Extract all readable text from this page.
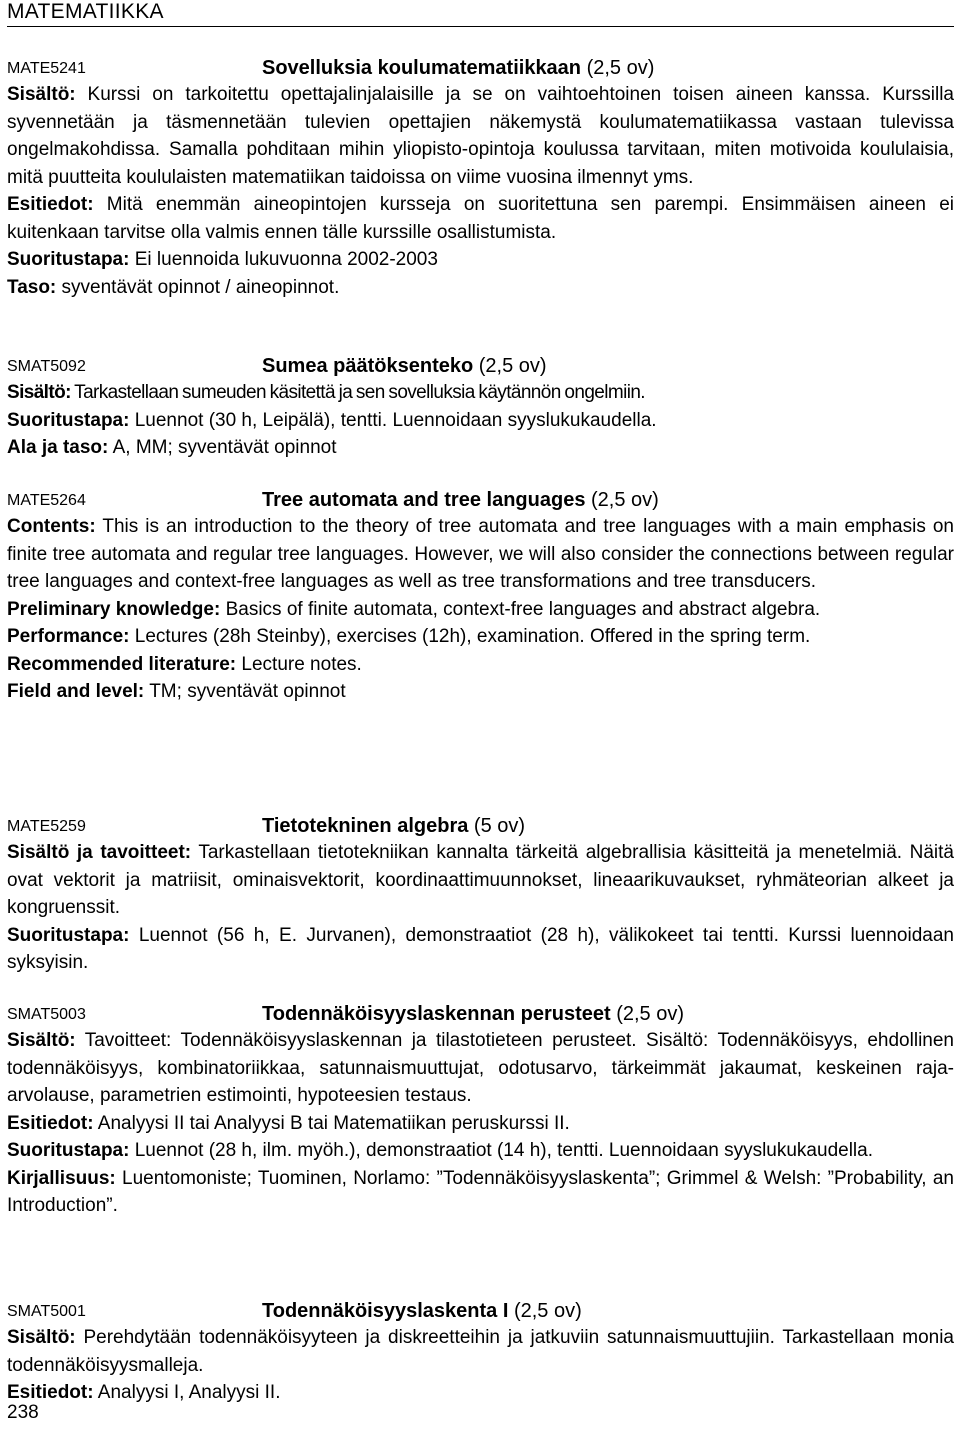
MATEMATIIKKA
MATE5241	Sovelluksia koulumatematiikkaan (2,5 ov)

Sisältö: Kurssi on tarkoitettu opettajalinjalaisille ja se on vaihtoehtoinen toisen aineen kanssa. Kurssilla syvennetään ja täsmennetään tulevien opettajien näkemystä koulumatematiikassa vastaan tulevissa ongelmakohdissa. Samalla pohditaan mihin yliopisto-opintoja koulussa tarvitaan, miten motivoida koululaisia, mitä puutteita koululaisten matematiikan taidoissa on viime vuosina ilmennyt yms.

Esitiedot: Mitä enemmän aineopintojen kursseja on suoritettuna sen parempi. Ensimmäisen aineen ei kuitenkaan tarvitse olla valmis ennen tälle kurssille osallistumista.

Suoritustapa: Ei luennoida lukuvuonna 2002-2003

Taso: syventävät opinnot / aineopinnot.

SMAT5092	Sumea päätöksenteko (2,5 ov)

Sisältö: Tarkastellaan sumeuden käsitettä ja sen sovelluksia käytännön ongelmiin.

Suoritustapa: Luennot (30 h, Leipälä), tentti. Luennoidaan syyslukukaudella.

Ala ja taso: A, MM; syventävät opinnot

MATE5264	Tree automata and tree languages (2,5 ov)

Contents: This is an introduction to the theory of tree automata and tree languages with a main emphasis on finite tree automata and regular tree languages. However, we will also consider the connections between regular tree languages and context-free languages as well as tree transformations and tree transducers.

Preliminary knowledge: Basics of finite automata, context-free languages and abstract algebra.

Performance: Lectures (28h Steinby), exercises (12h), examination. Offered in the spring term.

Recommended literature: Lecture notes.

Field and level: TM; syventävät opinnot

MATE5259	Tietotekninen algebra (5 ov)

Sisältö ja tavoitteet: Tarkastellaan tietotekniikan kannalta tärkeitä algebrallisia käsitteitä ja menetelmiä. Näitä ovat vektorit ja matriisit, ominaisvektorit, koordinaattimuunnokset, lineaarikuvaukset, ryhmäteorian alkeet ja kongruenssit.

Suoritustapa: Luennot (56 h, E. Jurvanen), demonstraatiot (28 h), välikokeet tai tentti. Kurssi luennoidaan syksyisin.

SMAT5003	Todennäköisyyslaskennan perusteet (2,5 ov)

Sisältö: Tavoitteet: Todennäköisyyslaskennan ja tilastotieteen perusteet. Sisältö: Todennäköisyys, ehdollinen todennäköisyys, kombinatoriikkaa, satunnaismuuttujat, odotusarvo, tärkeimmät jakaumat, keskeinen raja-arvolause, parametrien estimointi, hypoteesien testaus.

Esitiedot: Analyysi II tai Analyysi B tai Matematiikan peruskurssi II.

Suoritustapa: Luennot (28 h, ilm. myöh.), demonstraatiot (14 h), tentti. Luennoidaan syyslukukaudella.

Kirjallisuus: Luentomoniste; Tuominen, Norlamo: ”Todennäköisyyslaskenta”; Grimmel & Welsh: ”Probability, an Introduction”.

SMAT5001	Todennäköisyyslaskenta I (2,5 ov)

Sisältö: Perehdytään todennäköisyyteen ja diskreetteihin ja jatkuviin satunnaismuuttujiin. Tarkastellaan monia todennäköisyysmalleja.

Esitiedot: Analyysi I, Analyysi II.

238
